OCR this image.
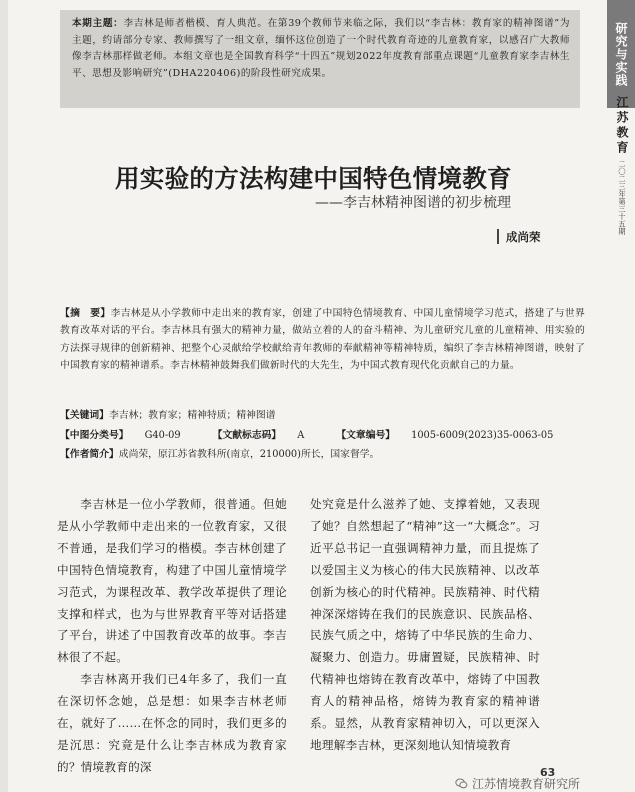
本期主题：李吉林是师者楷模、育人典范。在第39个教师节来临之际，我们以“李吉林：教育家的精神图谱”为主题，约请部分专家、教师撰写了一组文章，缅怀这位创造了一个时代教育奇迹的儿童教育家，以感召广大教师像李吉林那样做老师。本组文章也是全国教育科学“十四五”规划2022年度教育部重点课题“儿童教育家李吉林生平、思想及影响研究”(DHA220406)的阶段性研究成果。	研究与实践
江苏教育
二〇二三年第三十五期
用实验的方法构建中国特色情境教育
——李吉林精神图谱的初步梳理
成尚荣

【摘　要】李吉林是从小学教师中走出来的教育家，创建了中国特色情境教育、中国儿童情境学习范式，搭建了与世界教育改革对话的平台。李吉林具有强大的精神力量，做站立着的人的奋斗精神、为儿童研究儿童的儿童精神、用实验的方法探寻规律的创新精神、把整个心灵献给学校献给青年教师的奉献精神等精神特质，编织了李吉林精神图谱，映射了中国教育家的精神谱系。李吉林精神鼓舞我们做新时代的大先生，为中国式教育现代化贡献自己的力量。

【关键词】李吉林；教育家；精神特质；精神图谱

【中图分类号】 G40-09	【文献标志码】 A	【文章编号】 1005-6009(2023)35-0063-05

【作者简介】成尚荣，原江苏省教科所(南京，210000)所长，国家督学。

李吉林是一位小学教师，很普通。但她是从小学教师中走出来的一位教育家，又很不普通，是我们学习的楷模。李吉林创建了中国特色情境教育，构建了中国儿童情境学习范式，为课程改革、教学改革提供了理论支撑和样式，也为与世界教育平等对话搭建了平台，讲述了中国教育改革的故事。李吉林很了不起。

李吉林离开我们已4年多了，我们一直在深切怀念她，总是想：如果李吉林老师在，就好了……在怀念的同时，我们更多的是沉思：究竟是什么让李吉林成为教育家的？情境教育的深

处究竟是什么滋养了她、支撑着她，又表现了她？自然想起了“精神”这一“大概念”。习近平总书记一直强调精神力量，而且提炼了以爱国主义为核心的伟大民族精神、以改革创新为核心的时代精神。民族精神、时代精神深深熔铸在我们的民族意识、民族品格、民族气质之中，熔铸了中华民族的生命力、凝聚力、创造力。毋庸置疑，民族精神、时代精神也熔铸在教育改革中，熔铸了中国教育人的精神品格，熔铸为教育家的精神谱系。显然，从教育家精神切入，可以更深入地理解李吉林，更深刻地认知情境教育

63
江苏情境教育研究所
